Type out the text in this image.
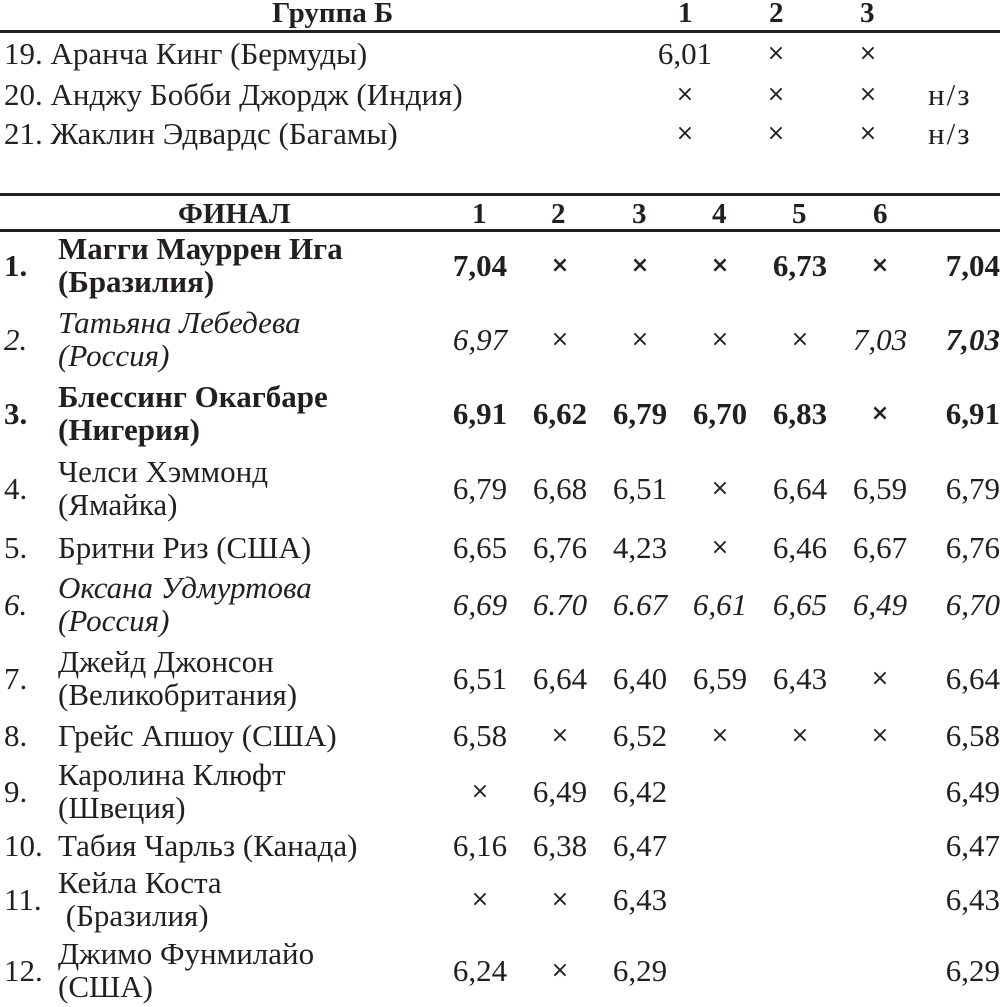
Группа Б	1	2	3
19. Аранча Кинг (Бермуды)	6,01	×	×
20. Анджу Бобби Джордж (Индия)	×	×	×	н/з
21. Жаклин Эдвардс (Багамы)	×	×	×	н/з
ФИНАЛ	1 2 3 4 5 6
1. Магги Мауррен Ига
(Бразилия)	7,04	×	×	×	6,73	×	7,04
2. Татьяна Лебедева
(Россия)	6,97	×	×	×	×	7,03	7,03
3. Блессинг Окагбаре
(Нигерия)	6,91 6,62 6,79 6,70 6,83	×	6,91
4. Челси Хэммонд
(Ямайка)	6,79 6,68 6,51	×	6,64 6,59	6,79
5. Бритни Риз (США)	6,65 6,76 4,23	×	6,46 6,67	6,76
6. Оксана Удмуртова
(Россия)	6,69 6.70 6.67 6,61 6,65 6,49	6,70
7. Джейд Джонсон
(Великобритания)	6,51 6,64 6,40 6,59 6,43	×	6,64
8. Грейс Апшоу (США)	6,58	×	6,52	×	×	×	6,58
9. Каролина Клюфт
(Швеция)	×	6,49 6,42	6,49
10. Табия Чарльз (Канада)	6,16 6,38 6,47	6,47
11. Кейла Коста
(Бразилия)	×	×	6,43	6,43
12. Джимо Фунмилайо
(США)	6,24	×	6,29	6,29
